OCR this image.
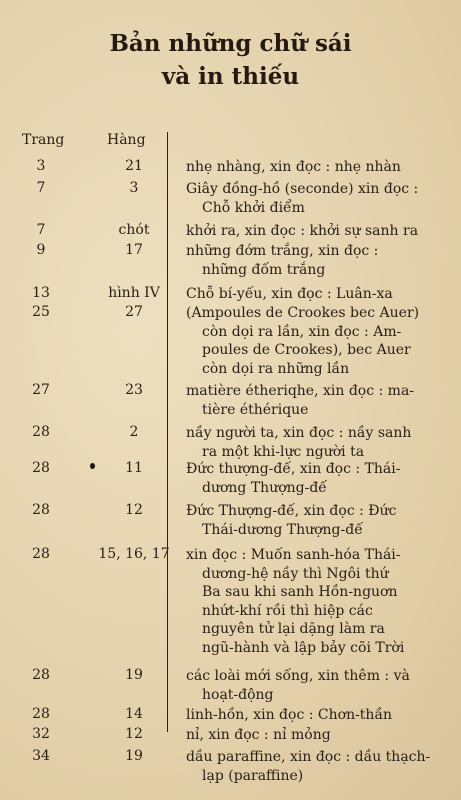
Bản những chữ sái
và in thiếu
Trang	Hàng
3	21	nhẹ nhàng, xin đọc : nhẹ nhàn
7	3	Giây đồng-hồ (seconde) xin đọc :
Chỗ khởi điểm
7	chót	khởi ra, xin đọc : khởi sự sanh ra
9	17	những đớm trắng, xin đọc :
những đốm trắng
13	hình IV	Chỗ bí-yếu, xin đọc : Luân-xa
25	27	(Ampoules de Crookes bec Auer)
còn dọi ra lần, xin đọc : Am-
poules de Crookes), bec Auer
còn dọi ra những lần
27	23	matière étheriqhe, xin đọc : ma-
tière éthérique
28	2	nầy người ta, xin đọc : nầy sanh
ra một khi-lực người ta
28	11	Đức thượng-đế, xin đọc : Thái-
dương Thượng-đế
28	12	Đức Thượng-đế, xin đọc : Đức
Thái-dương Thượng-đế
28	15, 16, 17 xin đọc : Muốn sanh-hóa Thái-
dương-hệ nầy thì Ngôi thứ
Ba sau khi sanh Hồn-nguơn
nhứt-khí rồi thì hiệp các
nguyên tử lại dặng làm ra
ngũ-hành và lập bảy cõi Trời
28	19	các loài mới sống, xin thêm : và
hoạt-động
28	14	linh-hồn, xin đọc : Chơn-thần
32	12	nỉ, xin đọc : nỉ mỏng
34	19	dầu paraffine, xin đọc : dầu thạch-
lạp (paraffine)
